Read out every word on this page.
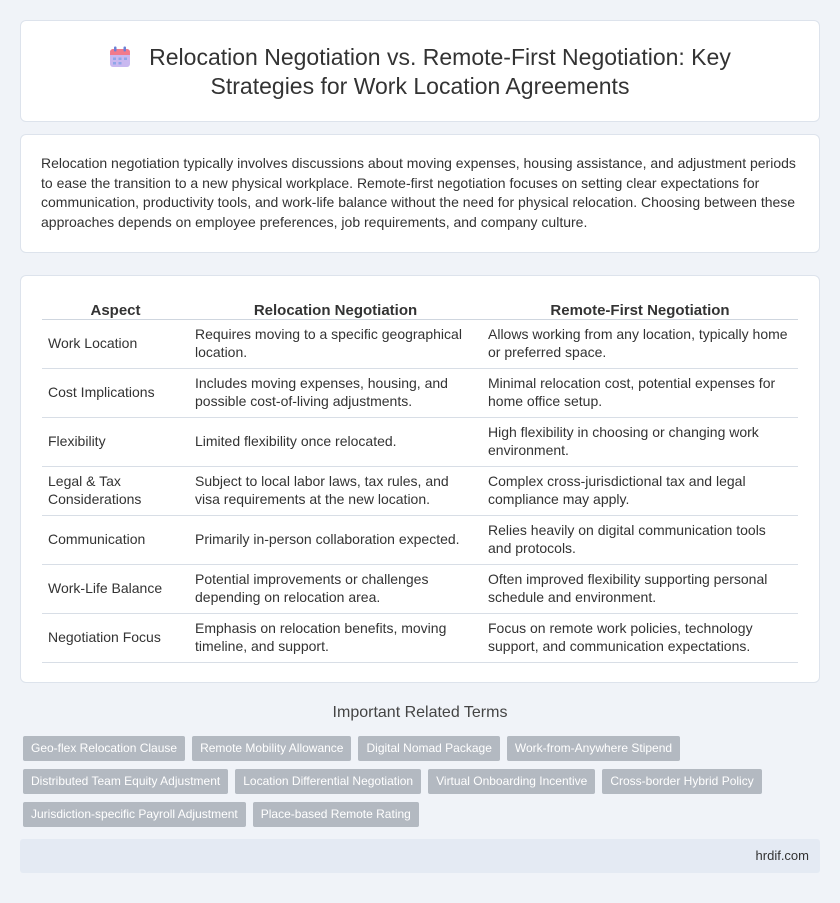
Relocation Negotiation vs. Remote-First Negotiation: Key Strategies for Work Location Agreements

Relocation negotiation typically involves discussions about moving expenses, housing assistance, and adjustment periods to ease the transition to a new physical workplace. Remote-first negotiation focuses on setting clear expectations for communication, productivity tools, and work-life balance without the need for physical relocation. Choosing between these approaches depends on employee preferences, job requirements, and company culture.

Aspect	Relocation Negotiation	Remote-First Negotiation
Work Location	Requires moving to a specific geographical location.	Allows working from any location, typically home or preferred space.
Cost Implications	Includes moving expenses, housing, and possible cost-of-living adjustments.	Minimal relocation cost, potential expenses for home office setup.
Flexibility	Limited flexibility once relocated.	High flexibility in choosing or changing work environment.
Legal & Tax Considerations	Subject to local labor laws, tax rules, and visa requirements at the new location.	Complex cross-jurisdictional tax and legal compliance may apply.
Communication	Primarily in-person collaboration expected.	Relies heavily on digital communication tools and protocols.
Work-Life Balance	Potential improvements or challenges depending on relocation area.	Often improved flexibility supporting personal schedule and environment.
Negotiation Focus	Emphasis on relocation benefits, moving timeline, and support.	Focus on remote work policies, technology support, and communication expectations.
Important Related Terms
Geo-flex Relocation Clause	Remote Mobility Allowance	Digital Nomad Package	Work-from-Anywhere Stipend
Distributed Team Equity Adjustment	Location Differential Negotiation	Virtual Onboarding Incentive	Cross-border Hybrid Policy
Jurisdiction-specific Payroll Adjustment	Place-based Remote Rating
hrdif.com
